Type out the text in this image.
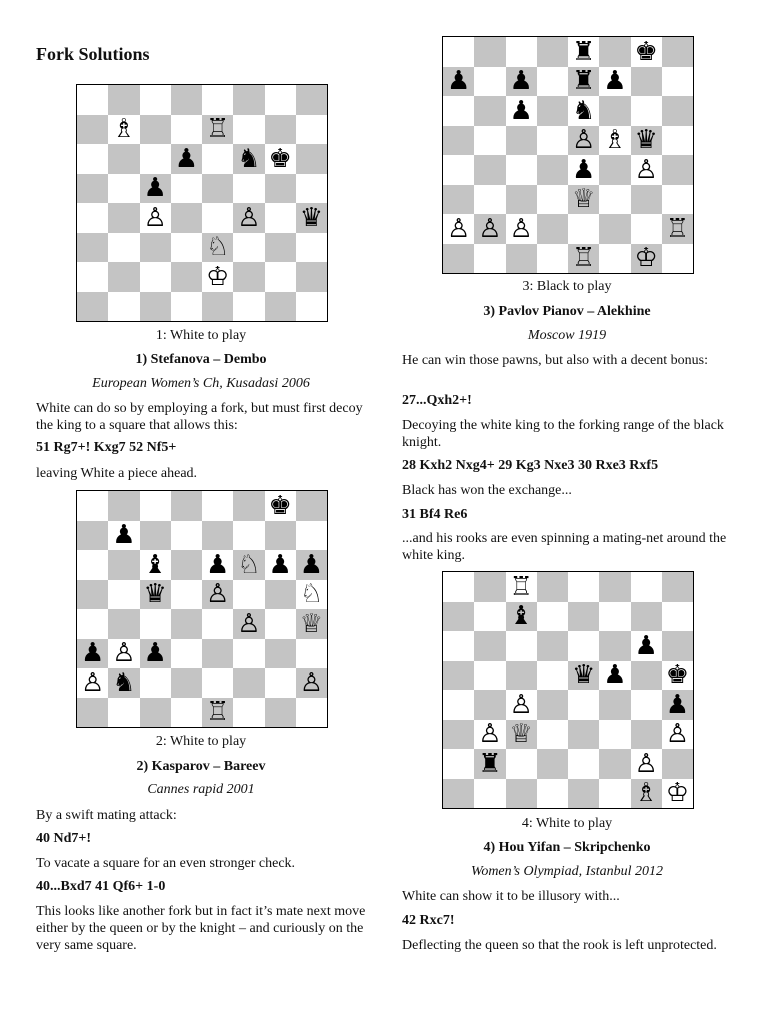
Fork Solutions
♗	♖
♟ ♞ ♚
♟
♙	♙ ♛
♘
♔

1: White to play

1) Stefanova – Dembo

European Women’s Ch, Kusadasi 2006

White can do so by employing a fork, but must first decoy the king to a square that allows this:

51 Rg7+! Kxg7 52 Nf5+

leaving White a piece ahead.

♚
♟
♝ ♟ ♘ ♟ ♟
♛ ♙	♘
♙ ♕
♟ ♙ ♟
♙ ♞	♙
♖

2: White to play

2) Kasparov – Bareev

Cannes rapid 2001

By a swift mating attack:

40 Nd7+!

To vacate a square for an even stronger check.

40...Bxd7 41 Qf6+ 1-0

This looks like another fork but in fact it’s mate next move either by the queen or by the knight – and curiously on the very same square.

♜ ♚
♟ ♟ ♜ ♟
♟ ♞
♙ ♗ ♛
♟ ♙
♕
♙ ♙ ♙	♖
♖ ♔

3: Black to play

3) Pavlov Pianov – Alekhine

Moscow 1919

He can win those pawns, but also with a decent bonus:

27...Qxh2+!

Decoying the white king to the forking range of the black knight.

28 Kxh2 Nxg4+ 29 Kg3 Nxe3 30 Rxe3 Rxf5

Black has won the exchange...

31 Bf4 Re6

...and his rooks are even spinning a mating-net around the white king.

♖
♝
♟
♛ ♟ ♚
♙	♟
♙ ♕	♙
♜	♙
♗ ♔

4: White to play

4) Hou Yifan – Skripchenko

Women’s Olympiad, Istanbul 2012

White can show it to be illusory with...

42 Rxc7!

Deflecting the queen so that the rook is left unprotected.
